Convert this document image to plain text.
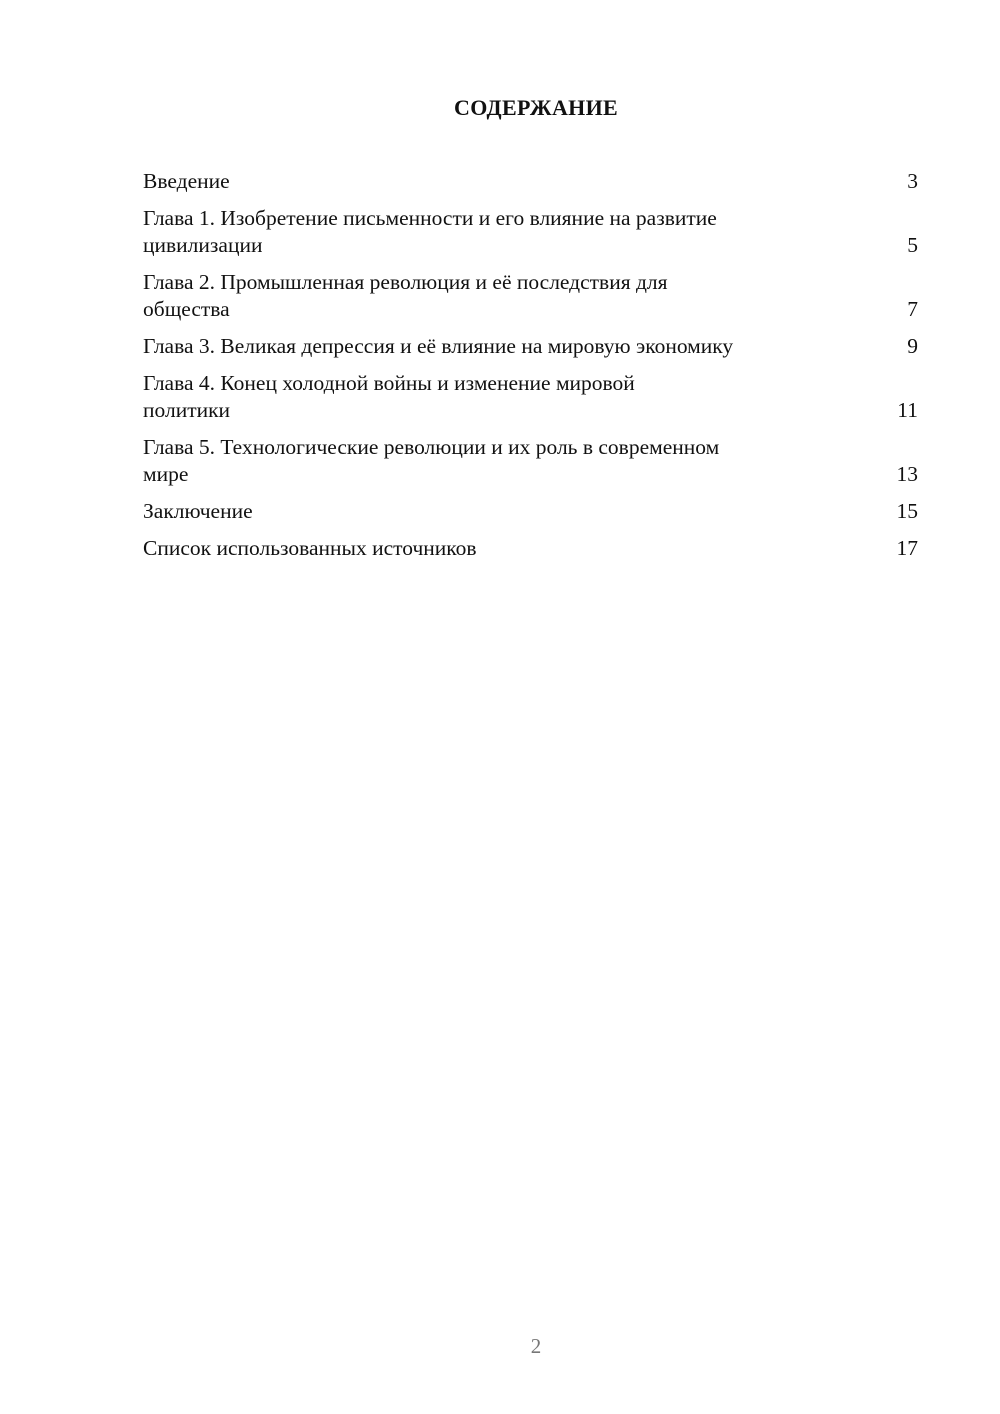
СОДЕРЖАНИЕ
Введение	3
Глава 1. Изобретение письменности и его влияние на развитие
цивилизации	5
Глава 2. Промышленная революция и её последствия для
общества	7
Глава 3. Великая депрессия и её влияние на мировую экономику	9
Глава 4. Конец холодной войны и изменение мировой
политики	11
Глава 5. Технологические революции и их роль в современном
мире	13
Заключение	15
Список использованных источников	17
2
